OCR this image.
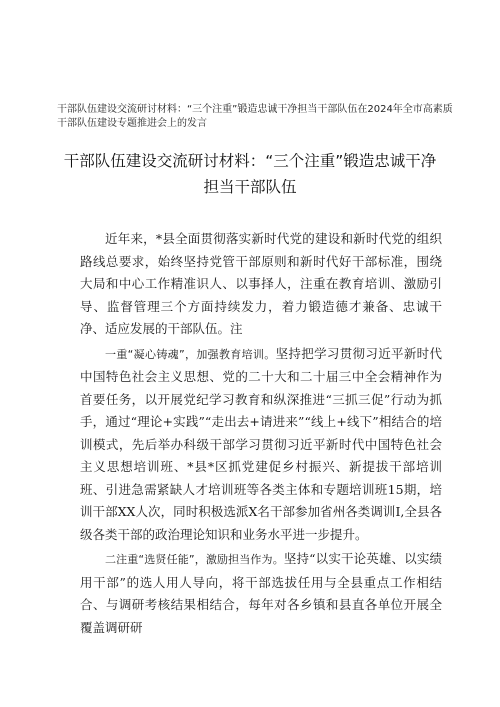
干部队伍建设交流研讨材料：“三个注重”锻造忠诚干净担当干部队伍在2024年全市高素质
干部队伍建设专题推进会上的发言
干部队伍建设交流研讨材料：“三个注重”锻造忠诚干净
担当干部队伍

近年来，*县全面贯彻落实新时代党的建设和新时代党的组织路线总要求，始终坚持党管干部原则和新时代好干部标准，围绕大局和中心工作精准识人、以事择人，注重在教育培训、激励引导、监督管理三个方面持续发力，着力锻造德才兼备、忠诚干净、适应发展的干部队伍。注

一重“凝心铸魂”，加强教育培训。坚持把学习贯彻习近平新时代中国特色社会主义思想、党的二十大和二十届三中全会精神作为首要任务，以开展党纪学习教育和纵深推进“三抓三促”行动为抓手，通过“理论+实践”“走出去+请进来”“线上+线下”相结合的培训模式，先后举办科级干部学习贯彻习近平新时代中国特色社会主义思想培训班、*县*区抓党建促乡村振兴、新提拔干部培训班、引进急需紧缺人才培训班等各类主体和专题培训班15期，培训干部XX人次，同时积极选派X名干部参加省州各类调训I,全县各级各类干部的政治理论知识和业务水平进一步提升。

二注重“选贤任能”，激励担当作为。坚持“以实干论英雄、以实绩用干部”的选人用人导向，将干部选拔任用与全县重点工作相结合、与调研考核结果相结合，每年对各乡镇和县直各单位开展全覆盖调研研
